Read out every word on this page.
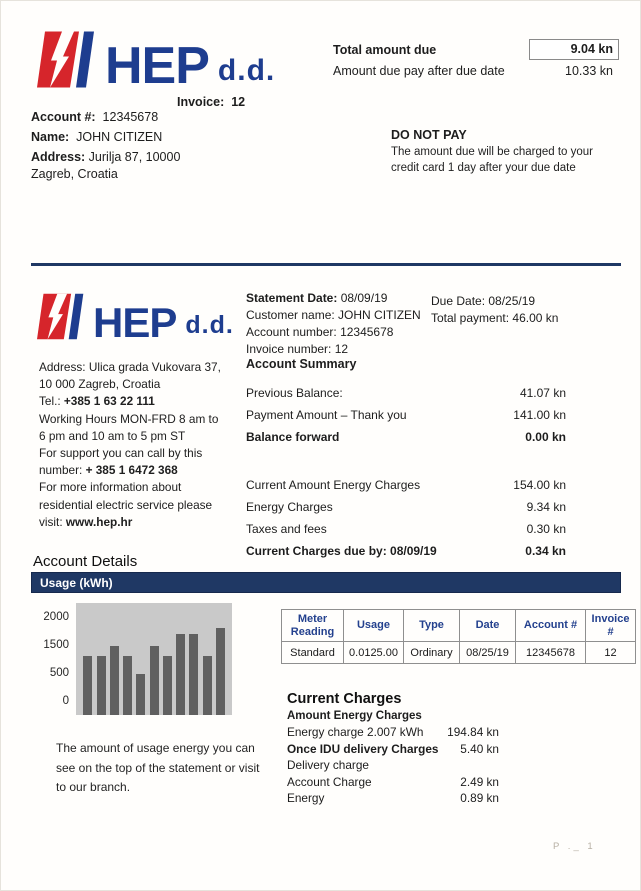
HEP d.d.
Invoice: 12
Account #: 12345678
Name: JOHN CITIZEN
Address: Jurilja 87, 10000 Zagreb, Croatia
Total amount due	9.04 kn
Amount due pay after due date	10.33 kn
DO NOT PAY
The amount due will be charged to your credit card 1 day after your due date
HEP d.d.
Address: Ulica grada Vukovara 37,
10 000 Zagreb, Croatia
Tel.: +385 1 63 22 111
Working Hours MON-FRD 8 am to
6 pm and 10 am to 5 pm ST
For support you can call by this
number: + 385 1 6472 368
For more information about
residential electric service please
visit: www.hep.hr
Statement Date: 08/09/19
Customer name: JOHN CITIZEN
Account number: 12345678
Invoice number: 12
Due Date: 08/25/19
Total payment: 46.00 kn
Account Summary
Previous Balance:	41.07 kn
Payment Amount – Thank you	141.00 kn
Balance forward	0.00 kn
Current Amount Energy Charges	154.00 kn
Energy Charges	9.34 kn
Taxes and fees	0.30 kn
Current Charges due by: 08/09/19	0.34 kn
Account Details
Usage (kWh)
2000
1500
500
0
Meter Reading	Usage	Type	Date	Account #	Invoice #
Standard	0.0125.00	Ordinary	08/25/19	12345678	12
Current Charges
Amount Energy Charges
Energy charge 2.007 kWh 194.84 kn
Once IDU delivery Charges 5.40 kn
Delivery charge
Account Charge	2.49 kn
Energy	0.89 kn
The amount of usage energy you can see on the top of the statement or visit to our branch.
P ._ 1
